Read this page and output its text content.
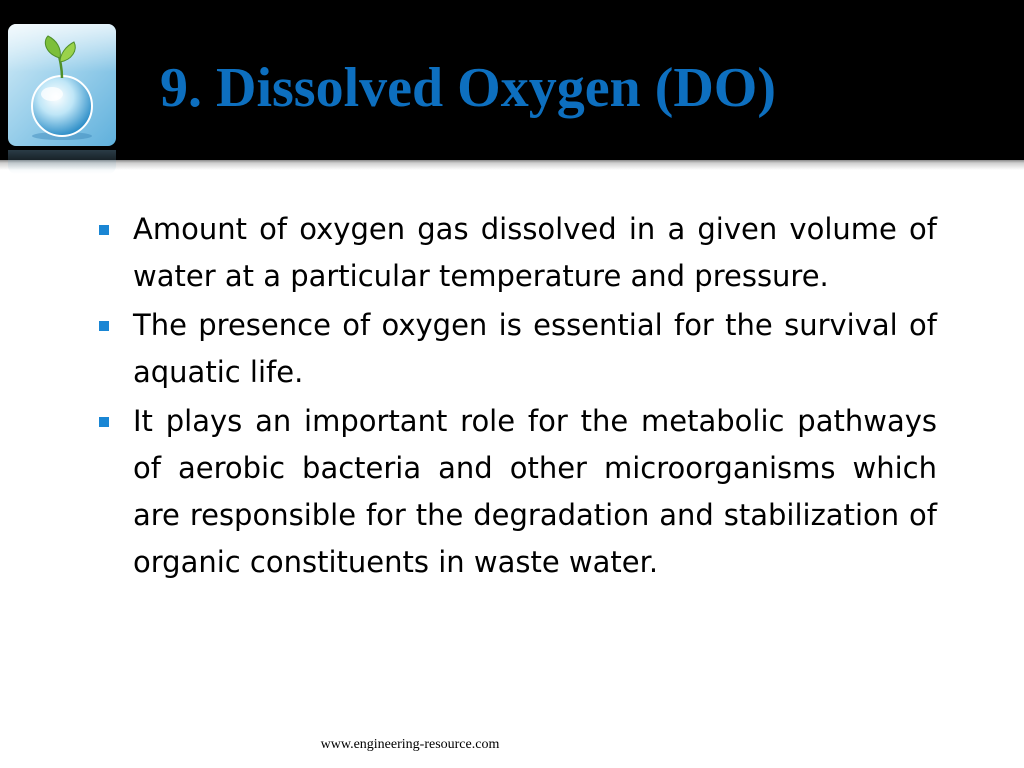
9. Dissolved Oxygen (DO)
Amount of oxygen gas dissolved in a given volume of water at a particular temperature and pressure.
The presence of oxygen is essential for the survival of aquatic life.
It plays an important role for the metabolic pathways of aerobic bacteria and other microorganisms which are responsible for the degradation and stabilization of organic constituents in waste water.

www.engineering-resource.com
